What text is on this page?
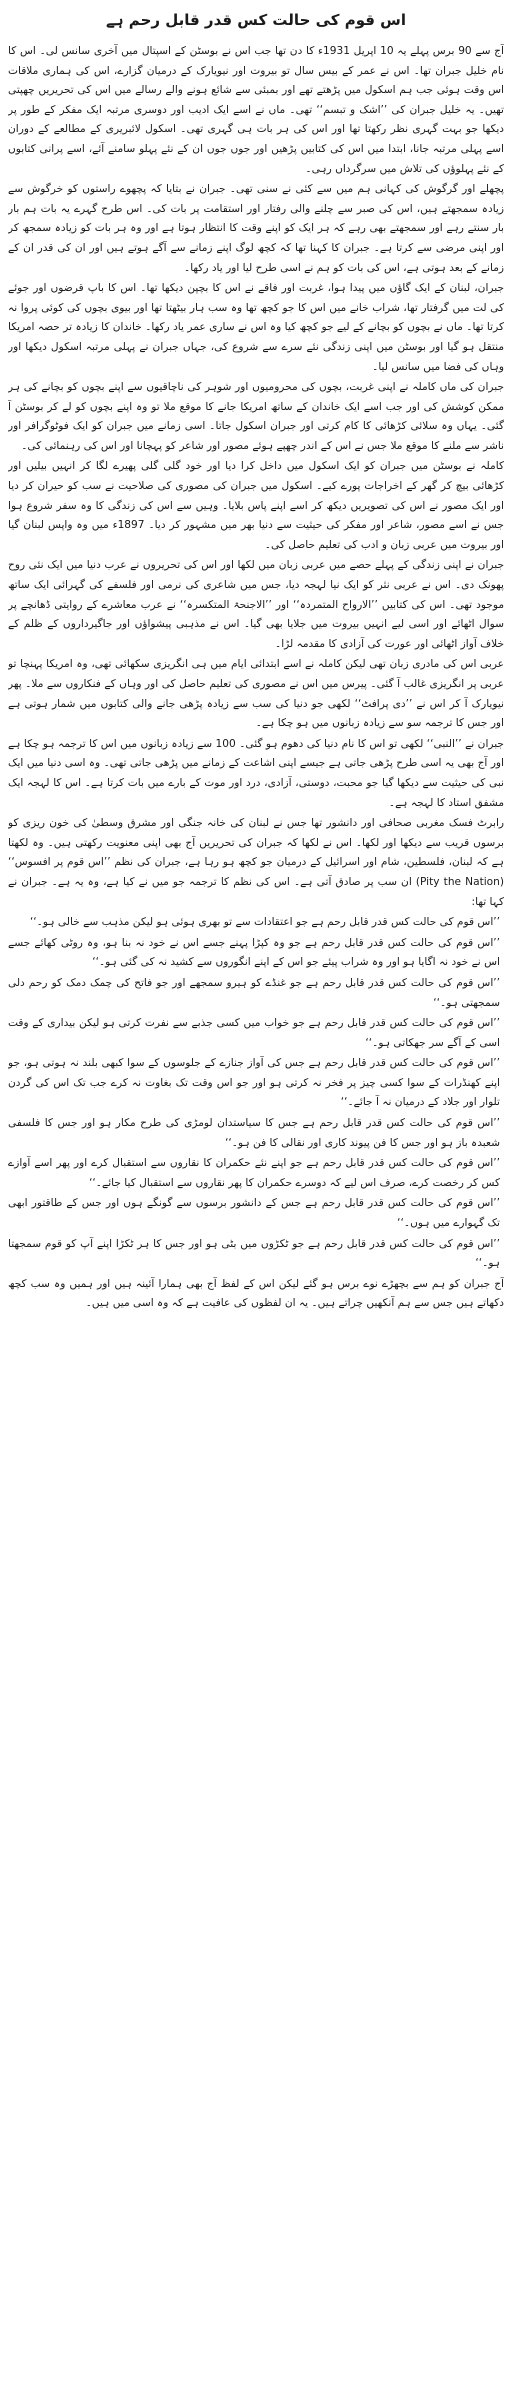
اس قوم کی حالت کس قدر قابل رحم ہے

آج سے 90 برس پہلے یہ 10 اپریل 1931ء کا دن تھا جب اس نے بوسٹن کے اسپتال میں آخری سانس لی۔ اس کا نام خلیل جبران تھا۔ اس نے عمر کے بیس سال تو بیروت اور نیویارک کے درمیان گزارے، اس کی ہماری ملاقات اس وقت ہوئی جب ہم اسکول میں پڑھتے تھے اور بمبئی سے شائع ہونے والے رسالے میں اس کی تحریریں چھپتی تھیں۔ یہ خلیل جبران کی ’’اشک و تبسم‘‘ تھی۔ ماں نے اسے ایک ادیب اور دوسری مرتبہ ایک مفکر کے طور پر دیکھا جو بہت گہری نظر رکھتا تھا اور اس کی ہر بات ہی گہری تھی۔ اسکول لائبریری کے مطالعے کے دوران اسے پہلی مرتبہ جانا، ابتدا میں اس کی کتابیں پڑھیں اور جوں جوں ان کے نئے پہلو سامنے آئے، اسے پرانی کتابوں کے نئے پہلوؤں کی تلاش میں سرگرداں رہی۔

پچھلے اور گرگوش کی کہانی ہم میں سے کئی نے سنی تھی۔ جبران نے بتایا کہ پچھوے راستوں کو خرگوش سے زیادہ سمجھتے ہیں، اس کی صبر سے چلنے والی رفتار اور استقامت پر بات کی۔ اس طرح گہرے یہ بات ہم بار بار سنتے رہے اور سمجھتے بھی رہے کہ ہر ایک کو اپنے وقت کا انتظار ہوتا ہے اور وہ ہر بات کو زیادہ سمجھ کر اور اپنی مرضی سے کرتا ہے۔ جبران کا کہنا تھا کہ کچھ لوگ اپنے زمانے سے آگے ہوتے ہیں اور ان کی قدر ان کے زمانے کے بعد ہوتی ہے، اس کی بات کو ہم نے اسی طرح لیا اور یاد رکھا۔

جبران، لبنان کے ایک گاؤں میں پیدا ہوا، غربت اور فاقے نے اس کا بچپن دیکھا تھا۔ اس کا باپ قرضوں اور جوئے کی لت میں گرفتار تھا، شراب خانے میں اس کا جو کچھ تھا وہ سب ہار بیٹھتا تھا اور بیوی بچوں کی کوئی پروا نہ کرتا تھا۔ ماں نے بچوں کو بچانے کے لیے جو کچھ کیا وہ اس نے ساری عمر یاد رکھا۔ خاندان کا زیادہ تر حصہ امریکا منتقل ہو گیا اور بوسٹن میں اپنی زندگی نئے سرے سے شروع کی، جہاں جبران نے پہلی مرتبہ اسکول دیکھا اور وہاں کی فضا میں سانس لیا۔

جبران کی ماں کاملہ نے اپنی غربت، بچوں کی محرومیوں اور شوہر کی ناچاقیوں سے اپنے بچوں کو بچانے کی ہر ممکن کوشش کی اور جب اسے ایک خاندان کے ساتھ امریکا جانے کا موقع ملا تو وہ اپنے بچوں کو لے کر بوسٹن آ گئی۔ یہاں وہ سلائی کڑھائی کا کام کرتی اور جبران اسکول جاتا۔ اسی زمانے میں جبران کو ایک فوٹوگرافر اور ناشر سے ملنے کا موقع ملا جس نے اس کے اندر چھپے ہوئے مصور اور شاعر کو پہچانا اور اس کی رہنمائی کی۔

کاملہ نے بوسٹن میں جبران کو ایک اسکول میں داخل کرا دیا اور خود گلی گلی پھیرے لگا کر انہیں بیلیں اور کڑھائی بیچ کر گھر کے اخراجات پورے کیے۔ اسکول میں جبران کی مصوری کی صلاحیت نے سب کو حیران کر دیا اور ایک مصور نے اس کی تصویریں دیکھ کر اسے اپنے پاس بلایا۔ وہیں سے اس کی زندگی کا وہ سفر شروع ہوا جس نے اسے مصور، شاعر اور مفکر کی حیثیت سے دنیا بھر میں مشہور کر دیا۔ 1897ء میں وہ واپس لبنان گیا اور بیروت میں عربی زبان و ادب کی تعلیم حاصل کی۔

جبران نے اپنی زندگی کے پہلے حصے میں عربی زبان میں لکھا اور اس کی تحریروں نے عرب دنیا میں ایک نئی روح پھونک دی۔ اس نے عربی نثر کو ایک نیا لہجہ دیا، جس میں شاعری کی نرمی اور فلسفے کی گہرائی ایک ساتھ موجود تھی۔ اس کی کتابیں ’’الارواح المتمردہ‘‘ اور ’’الاجنحۃ المتکسرہ‘‘ نے عرب معاشرے کے روایتی ڈھانچے پر سوال اٹھائے اور اسی لیے انہیں بیروت میں جلایا بھی گیا۔ اس نے مذہبی پیشواؤں اور جاگیرداروں کے ظلم کے خلاف آواز اٹھائی اور عورت کی آزادی کا مقدمہ لڑا۔

عربی اس کی مادری زبان تھی لیکن کاملہ نے اسے ابتدائی ایام میں ہی انگریزی سکھائی تھی، وہ امریکا پہنچا تو عربی پر انگریزی غالب آ گئی۔ پیرس میں اس نے مصوری کی تعلیم حاصل کی اور وہاں کے فنکاروں سے ملا۔ پھر نیویارک آ کر اس نے ’’دی پرافٹ‘‘ لکھی جو دنیا کی سب سے زیادہ پڑھی جانے والی کتابوں میں شمار ہوتی ہے اور جس کا ترجمہ سو سے زیادہ زبانوں میں ہو چکا ہے۔

جبران نے ’’النبی‘‘ لکھی تو اس کا نام دنیا کی دھوم ہو گئی۔ 100 سے زیادہ زبانوں میں اس کا ترجمہ ہو چکا ہے اور آج بھی یہ اسی طرح پڑھی جاتی ہے جیسے اپنی اشاعت کے زمانے میں پڑھی جاتی تھی۔ وہ اسی دنیا میں ایک نبی کی حیثیت سے دیکھا گیا جو محبت، دوستی، آزادی، درد اور موت کے بارے میں بات کرتا ہے۔ اس کا لہجہ ایک مشفق استاد کا لہجہ ہے۔

رابرٹ فسک مغربی صحافی اور دانشور تھا جس نے لبنان کی خانہ جنگی اور مشرق وسطیٰ کی خون ریزی کو برسوں قریب سے دیکھا اور لکھا۔ اس نے لکھا کہ جبران کی تحریریں آج بھی اپنی معنویت رکھتی ہیں۔ وہ لکھتا ہے کہ لبنان، فلسطین، شام اور اسرائیل کے درمیان جو کچھ ہو رہا ہے، جبران کی نظم ’’اس قوم پر افسوس‘‘ (Pity the Nation) ان سب پر صادق آتی ہے۔ اس کی نظم کا ترجمہ جو میں نے کیا ہے، وہ یہ ہے۔ جبران نے کہا تھا:

’’اس قوم کی حالت کس قدر قابل رحم ہے جو اعتقادات سے تو بھری ہوئی ہو لیکن مذہب سے خالی ہو۔‘‘

’’اس قوم کی حالت کس قدر قابل رحم ہے جو وہ کپڑا پہنے جسے اس نے خود نہ بنا ہو، وہ روٹی کھائے جسے اس نے خود نہ اگایا ہو اور وہ شراب پیئے جو اس کے اپنے انگوروں سے کشید نہ کی گئی ہو۔‘‘

’’اس قوم کی حالت کس قدر قابل رحم ہے جو غنڈے کو ہیرو سمجھے اور جو فاتح کی چمک دمک کو رحم دلی سمجھتی ہو۔‘‘

’’اس قوم کی حالت کس قدر قابل رحم ہے جو خواب میں کسی جذبے سے نفرت کرتی ہو لیکن بیداری کے وقت اسی کے آگے سر جھکاتی ہو۔‘‘

’’اس قوم کی حالت کس قدر قابل رحم ہے جس کی آواز جنازے کے جلوسوں کے سوا کبھی بلند نہ ہوتی ہو، جو اپنے کھنڈرات کے سوا کسی چیز پر فخر نہ کرتی ہو اور جو اس وقت تک بغاوت نہ کرے جب تک اس کی گردن تلوار اور جلاد کے درمیان نہ آ جائے۔‘‘

’’اس قوم کی حالت کس قدر قابل رحم ہے جس کا سیاستدان لومڑی کی طرح مکار ہو اور جس کا فلسفی شعبدہ باز ہو اور جس کا فن پیوند کاری اور نقالی کا فن ہو۔‘‘

’’اس قوم کی حالت کس قدر قابل رحم ہے جو اپنے نئے حکمران کا نقاروں سے استقبال کرے اور پھر اسے آوازے کس کر رخصت کرے، صرف اس لیے کہ دوسرے حکمران کا پھر نقاروں سے استقبال کیا جائے۔‘‘

’’اس قوم کی حالت کس قدر قابل رحم ہے جس کے دانشور برسوں سے گونگے ہوں اور جس کے طاقتور ابھی تک گہوارے میں ہوں۔‘‘

’’اس قوم کی حالت کس قدر قابل رحم ہے جو ٹکڑوں میں بٹی ہو اور جس کا ہر ٹکڑا اپنے آپ کو قوم سمجھتا ہو۔‘‘

آج جبران کو ہم سے بچھڑے نوے برس ہو گئے لیکن اس کے لفظ آج بھی ہمارا آئینہ ہیں اور ہمیں وہ سب کچھ دکھاتے ہیں جس سے ہم آنکھیں چراتے ہیں۔ یہ ان لفظوں کی عافیت ہے کہ وہ اسی میں ہیں۔
